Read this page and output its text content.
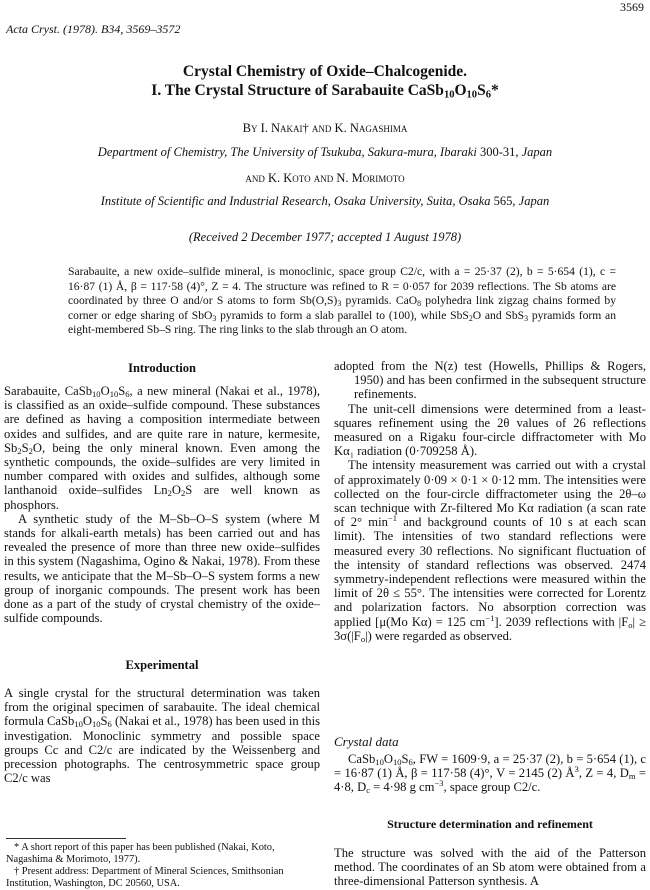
3569
Acta Cryst. (1978). B34, 3569–3572
Crystal Chemistry of Oxide–Chalcogenide.
I. The Crystal Structure of Sarabauite $CaSb_{10}O_{10}S_6*$
By I. Nakai† and K. Nagashima
Department of Chemistry, The University of Tsukuba, Sakura-mura, Ibaraki 300-31, Japan
and K. Koto and N. Morimoto
Institute of Scientific and Industrial Research, Osaka University, Suita, Osaka 565, Japan
(Received 2 December 1977; accepted 1 August 1978)
Sarabauite, a new oxide–sulfide mineral, is monoclinic, space group C2/c, with a = 25·37 (2), b = 5·654 (1), c = 16·87 (1) Å, β = 117·58 (4)°, Z = 4. The structure was refined to R = 0·057 for 2039 reflections. The Sb atoms are coordinated by three O and/or S atoms to form $Sb(O,S)_3$ pyramids. CaO$_8$ polyhedra link zigzag chains formed by corner or edge sharing of SbO$_3$ pyramids to form a slab parallel to (100), while SbS$_2$O and SbS$_3$ pyramids form an eight-membered Sb–S ring. The ring links to the slab through an O atom.
Introduction

Sarabauite, $CaSb_{10}O_{10}S_6$, a new mineral (Nakai et al., 1978), is classified as an oxide–sulfide compound. These substances are defined as having a composition intermediate between oxides and sulfides, and are quite rare in nature, kermesite, $Sb_2S_2O$, being the only mineral known. Even among the synthetic compounds, the oxide–sulfides are very limited in number compared with oxides and sulfides, although some lanthanoid oxide–sulfides $Ln_2O_2S$ are well known as phosphors.

A synthetic study of the M–Sb–O–S system (where M stands for alkali-earth metals) has been carried out and has revealed the presence of more than three new oxide–sulfides in this system (Nagashima, Ogino & Nakai, 1978). From these results, we anticipate that the M–Sb–O–S system forms a new group of inorganic compounds. The present work has been done as a part of the study of crystal chemistry of the oxide–sulfide compounds.

Experimental

A single crystal for the structural determination was taken from the original specimen of sarabauite. The ideal chemical formula $CaSb_{10}O_{10}S_6$ (Nakai et al., 1978) has been used in this investigation. Monoclinic symmetry and possible space groups Cc and C2/c are indicated by the Weissenberg and precession photographs. The centrosymmetric space group C2/c was

* A short report of this paper has been published (Nakai, Koto, Nagashima & Morimoto, 1977).
† Present address: Department of Mineral Sciences, Smithsonian Institution, Washington, DC 20560, USA.

adopted from the N(z) test (Howells, Phillips & Rogers, 1950) and has been confirmed in the subsequent structure refinements.

The unit-cell dimensions were determined from a least-squares refinement using the 2θ values of 26 reflections measured on a Rigaku four-circle diffractometer with Mo Kα₁ radiation (0·709258 Å).

The intensity measurement was carried out with a crystal of approximately 0·09 × 0·1 × 0·12 mm. The intensities were collected on the four-circle diffractometer using the 2θ–ω scan technique with Zr-filtered Mo Kα radiation (a scan rate of 2° $\min^{-1}$ and background counts of 10 s at each scan limit). The intensities of two standard reflections were measured every 30 reflections. No significant fluctuation of the intensity of standard reflections was observed. 2474 symmetry-independent reflections were measured within the limit of 2θ ≤ 55°. The intensities were corrected for Lorentz and polarization factors. No absorption correction was applied [μ(Mo Kα) = 125 $cm^{-1}$]. 2039 reflections with $|F_o| \ge 3\sigma(|F_o|)$ were regarded as observed.

Crystal data

$CaSb_{10}O_{10}S_6$, FW = 1609·9, a = 25·37 (2), b = 5·654 (1), c = 16·87 (1) Å, β = 117·58 (4)°, V = 2145 (2) $Å^3$, Z = 4, $D_m = 4\cdot 8$, $D_c = 4\cdot 98$ g $cm^{-3}$, space group C2/c.

Structure determination and refinement

The structure was solved with the aid of the Patterson method. The coordinates of an Sb atom were obtained from a three-dimensional Patterson synthesis. A
